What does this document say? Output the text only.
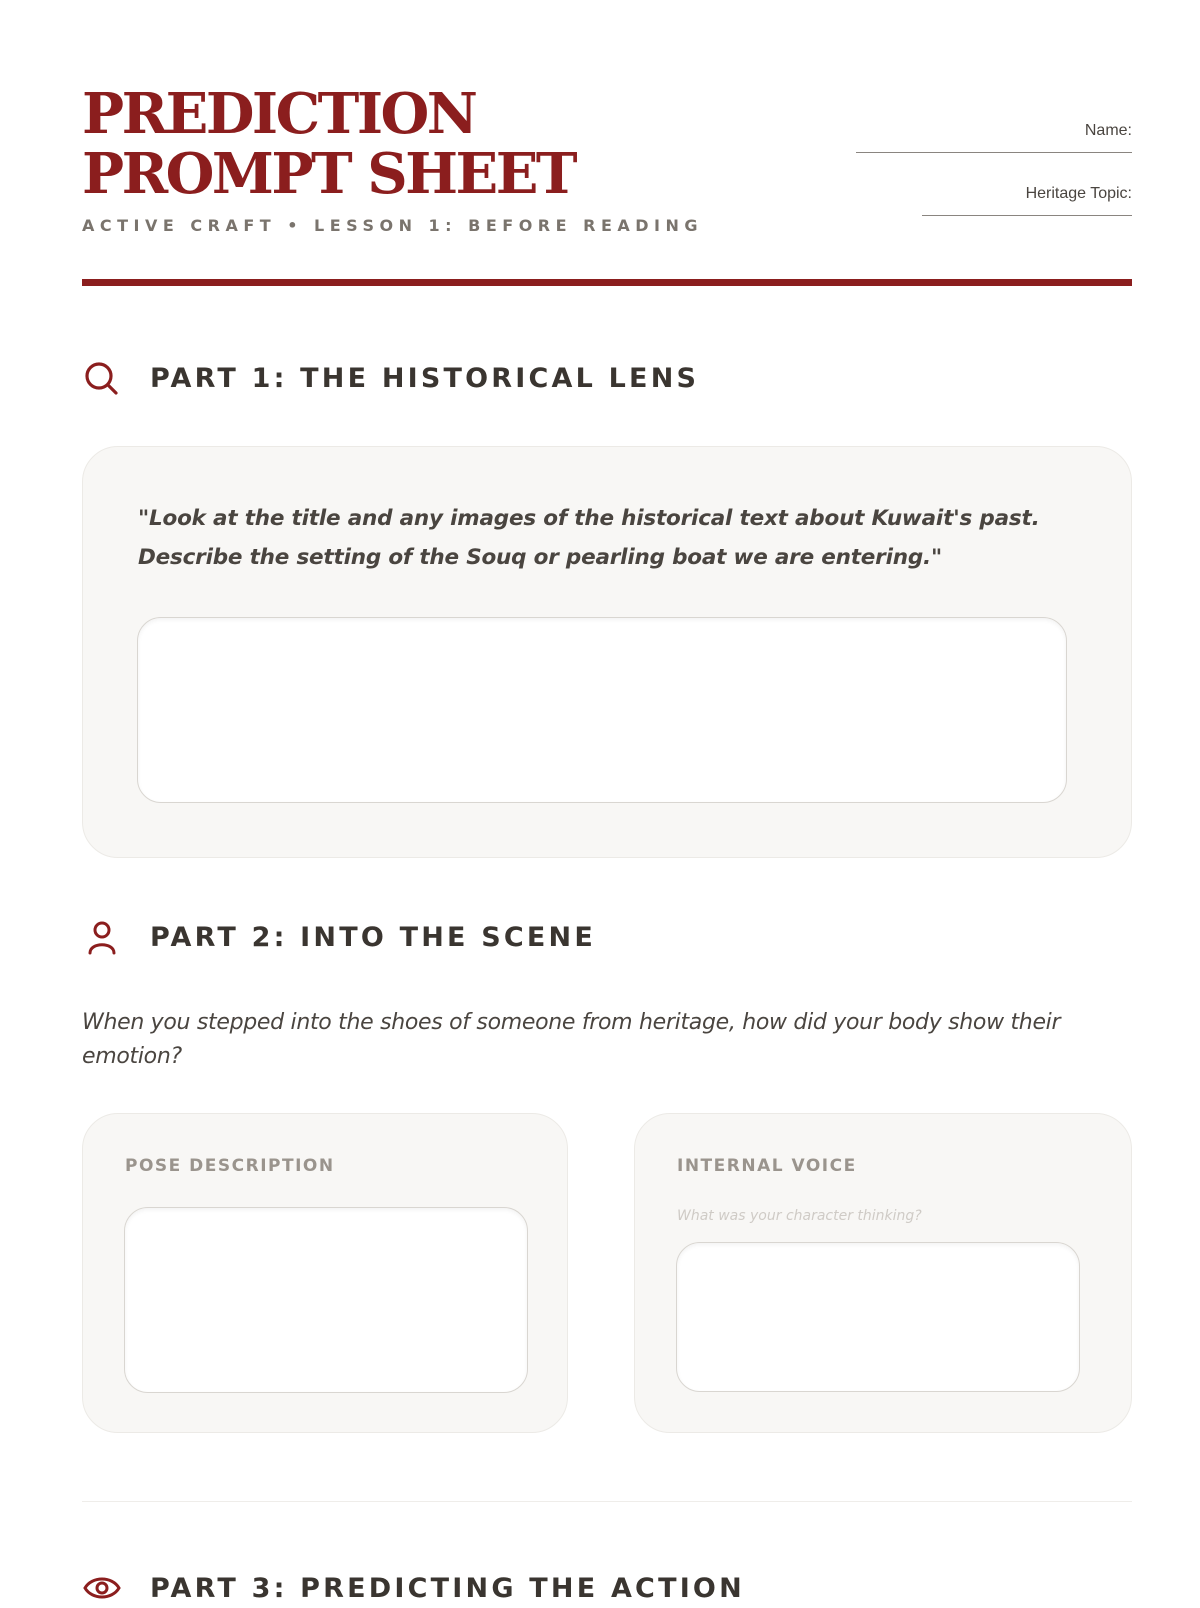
PREDICTION PROMPT SHEET
ACTIVE CRAFT • LESSON 1: BEFORE READING
Name:
Heritage Topic:
PART 1: THE HISTORICAL LENS

"Look at the title and any images of the historical text about Kuwait's past. Describe the setting of the Souq or pearling boat we are entering."

PART 2: INTO THE SCENE

When you stepped into the shoes of someone from heritage, how did your body show their emotion?

POSE DESCRIPTION	INTERNAL VOICE
What was your character thinking?
PART 3: PREDICTING THE ACTION
